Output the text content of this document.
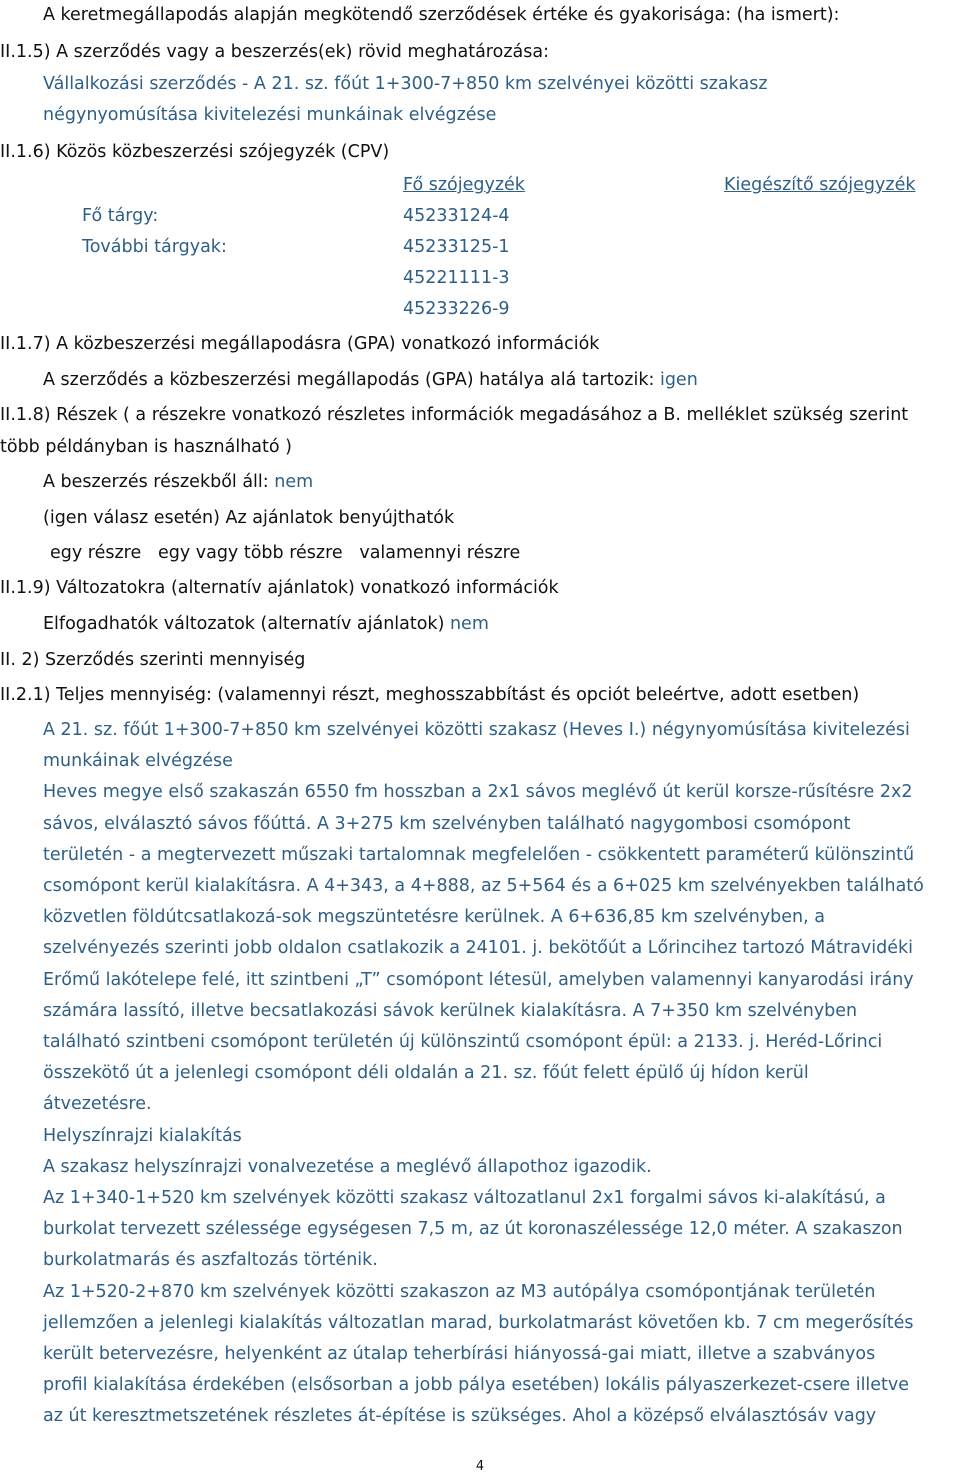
A keretmegállapodás alapján megkötendő szerződések értéke és gyakorisága: (ha ismert):
II.1.5) A szerződés vagy a beszerzés(ek) rövid meghatározása:
Vállalkozási szerződés - A 21. sz. főút 1+300-7+850 km szelvényei közötti szakasz
négynyomúsítása kivitelezési munkáinak elvégzése
II.1.6) Közös közbeszerzési szójegyzék (CPV)
Fő szójegyzék	Kiegészítő szójegyzék
Fő tárgy:	45233124-4
További tárgyak:	45233125-1
45221111-3
45233226-9
II.1.7) A közbeszerzési megállapodásra (GPA) vonatkozó információk
A szerződés a közbeszerzési megállapodás (GPA) hatálya alá tartozik: igen
II.1.8) Részek ( a részekre vonatkozó részletes információk megadásához a B. melléklet szükség szerint
több példányban is használható )
A beszerzés részekből áll: nem
(igen válasz esetén) Az ajánlatok benyújthatók
egy részre   egy vagy több részre   valamennyi részre
II.1.9) Változatokra (alternatív ajánlatok) vonatkozó információk
Elfogadhatók változatok (alternatív ajánlatok) nem
II. 2) Szerződés szerinti mennyiség
II.2.1) Teljes mennyiség: (valamennyi részt, meghosszabbítást és opciót beleértve, adott esetben)
A 21. sz. főút 1+300-7+850 km szelvényei közötti szakasz (Heves I.) négynyomúsítása kivitelezési
munkáinak elvégzése
Heves megye első szakaszán 6550 fm hosszban a 2x1 sávos meglévő út kerül korsze-rűsítésre 2x2
sávos, elválasztó sávos főúttá. A 3+275 km szelvényben található nagygombosi csomópont
területén - a megtervezett műszaki tartalomnak megfelelően - csökkentett paraméterű különszintű
csomópont kerül kialakításra. A 4+343, a 4+888, az 5+564 és a 6+025 km szelvényekben található
közvetlen földútcsatlakozá-sok megszüntetésre kerülnek. A 6+636,85 km szelvényben, a
szelvényezés szerinti jobb oldalon csatlakozik a 24101. j. bekötőút a Lőrincihez tartozó Mátravidéki
Erőmű lakótelepe felé, itt szintbeni „T” csomópont létesül, amelyben valamennyi kanyarodási irány
számára lassító, illetve becsatlakozási sávok kerülnek kialakításra. A 7+350 km szelvényben
található szintbeni csomópont területén új különszintű csomópont épül: a 2133. j. Heréd-Lőrinci
összekötő út a jelenlegi csomópont déli oldalán a 21. sz. főút felett épülő új hídon kerül
átvezetésre.
Helyszínrajzi kialakítás
A szakasz helyszínrajzi vonalvezetése a meglévő állapothoz igazodik.
Az 1+340-1+520 km szelvények közötti szakasz változatlanul 2x1 forgalmi sávos ki-alakítású, a
burkolat tervezett szélessége egységesen 7,5 m, az út koronaszélessége 12,0 méter. A szakaszon
burkolatmarás és aszfaltozás történik.
Az 1+520-2+870 km szelvények közötti szakaszon az M3 autópálya csomópontjának területén
jellemzően a jelenlegi kialakítás változatlan marad, burkolatmarást követően kb. 7 cm megerősítés
került betervezésre, helyenként az útalap teherbírási hiányossá-gai miatt, illetve a szabványos
profil kialakítása érdekében (elsősorban a jobb pálya esetében) lokális pályaszerkezet-csere illetve
az út keresztmetszetének részletes át-építése is szükséges. Ahol a középső elválasztósáv vagy
4
